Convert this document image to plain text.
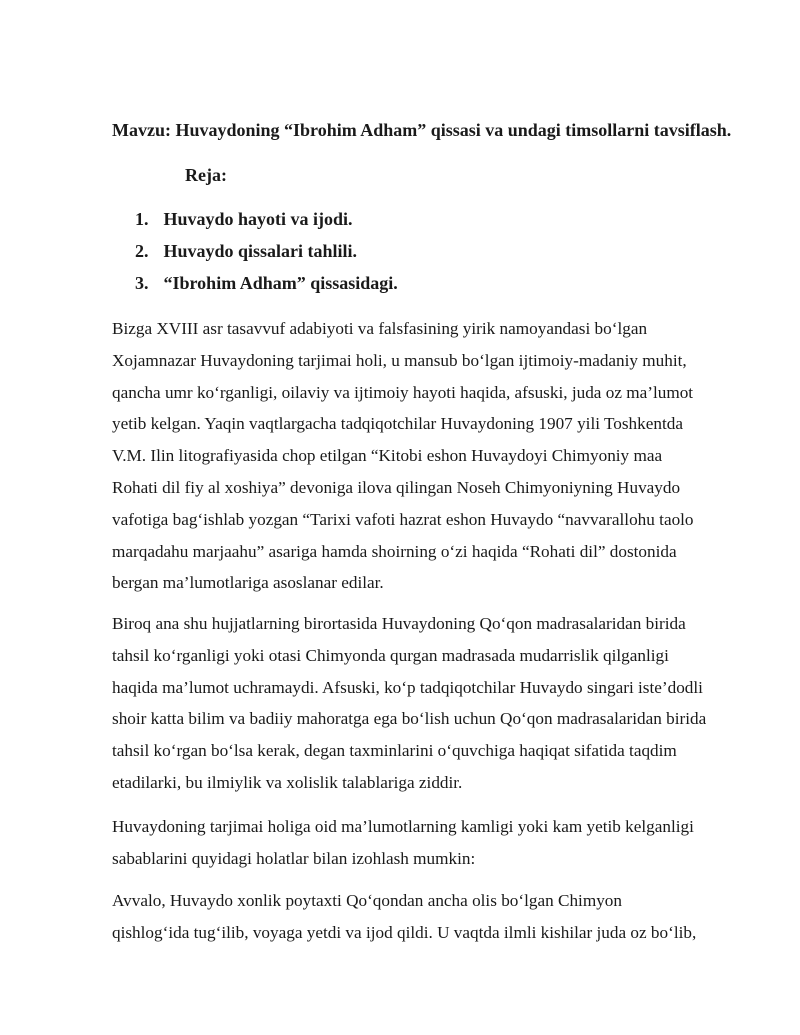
Mavzu: Huvaydoning “Ibrohim Adham” qissasi va undagi timsollarni tavsiflash.
Reja:
1. Huvaydo hayoti va ijodi.
2. Huvaydo qissalari tahlili.
3. “Ibrohim Adham” qissasidagi.

Bizga XVIII asr tasavvuf adabiyoti va falsfasining yirik namoyandasi bo‘lgan
Xojamnazar Huvaydoning tarjimai holi, u mansub bo‘lgan ijtimoiy-madaniy muhit,
qancha umr ko‘rganligi, oilaviy va ijtimoiy hayoti haqida, afsuski, juda oz ma’lumot
yetib kelgan. Yaqin vaqtlargacha tadqiqotchilar Huvaydoning 1907 yili Toshkentda
V.M. Ilin litografiyasida chop etilgan “Kitobi eshon Huvaydoyi Chimyoniy maa
Rohati dil fiy al xoshiya” devoniga ilova qilingan Noseh Chimyoniyning Huvaydo
vafotiga bag‘ishlab yozgan “Tarixi vafoti hazrat eshon Huvaydo “navvarallohu taolo
marqadahu marjaahu” asariga hamda shoirning o‘zi haqida “Rohati dil” dostonida
bergan ma’lumotlariga asoslanar edilar.

Biroq ana shu hujjatlarning birortasida Huvaydoning Qo‘qon madrasalaridan birida
tahsil ko‘rganligi yoki otasi Chimyonda qurgan madrasada mudarrislik qilganligi
haqida ma’lumot uchramaydi. Afsuski, ko‘p tadqiqotchilar Huvaydo singari iste’dodli
shoir katta bilim va badiiy mahoratga ega bo‘lish uchun Qo‘qon madrasalaridan birida
tahsil ko‘rgan bo‘lsa kerak, degan taxminlarini o‘quvchiga haqiqat sifatida taqdim
etadilarki, bu ilmiylik va xolislik talablariga ziddir.

Huvaydoning tarjimai holiga oid ma’lumotlarning kamligi yoki kam yetib kelganligi
sabablarini quyidagi holatlar bilan izohlash mumkin:

Avvalo, Huvaydo xonlik poytaxti Qo‘qondan ancha olis bo‘lgan Chimyon
qishlog‘ida tug‘ilib, voyaga yetdi va ijod qildi. U vaqtda ilmli kishilar juda oz bo‘lib,
